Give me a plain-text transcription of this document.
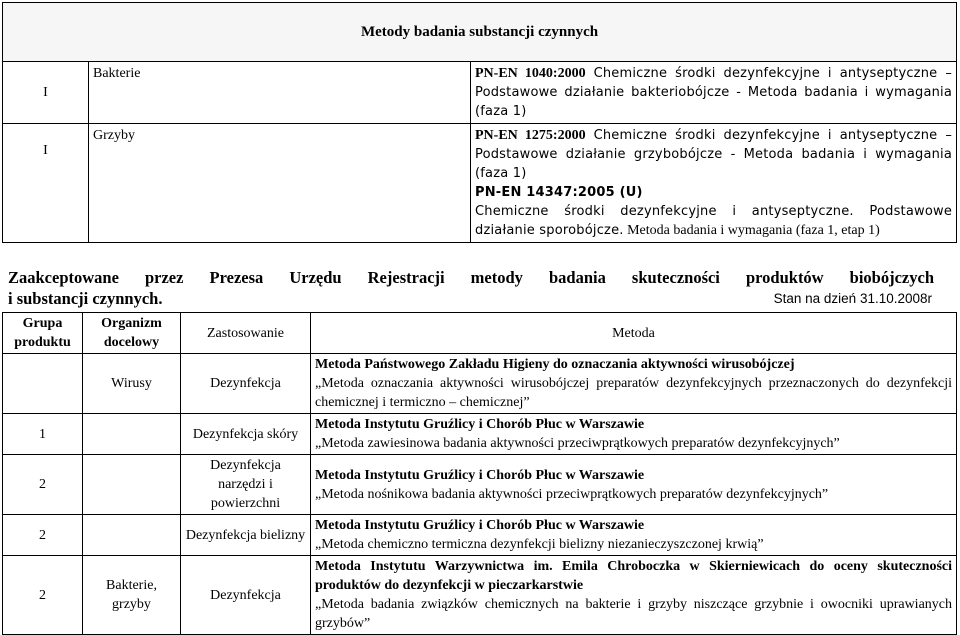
Metody badania substancji czynnych		
I	Bakterie	PN-EN 1040:2000 Chemiczne środki dezynfekcyjne i antyseptyczne – Podstawowe działanie bakteriobójcze - Metoda badania i wymagania (faza 1)
I	Grzyby	PN-EN 1275:2000 Chemiczne środki dezynfekcyjne i antyseptyczne – Podstawowe działanie grzybobójcze - Metoda badania i wymagania (faza 1)
PN-EN 14347:2005 (U)
Chemiczne środki dezynfekcyjne i antyseptyczne. Podstawowe działanie sporobójcze. Metoda badania i wymagania (faza 1, etap 1)
Zaakceptowane przez Prezesa Urzędu Rejestracji metody badania skuteczności produktów biobójczych
i substancji czynnych.	Stan na dzień 31.10.2008r
Grupa produktu	Organizm docelowy	Zastosowanie	Metoda
	Wirusy	Dezynfekcja	Metoda Państwowego Zakładu Higieny do oznaczania aktywności wirusobójczej
„Metoda oznaczania aktywności wirusobójczej preparatów dezynfekcyjnych przeznaczonych do dezynfekcji chemicznej i termiczno – chemicznej”

1		Dezynfekcja skóry	Metoda Instytutu Gruźlicy i Chorób Płuc w Warszawie
„Metoda zawiesinowa badania aktywności przeciwprątkowych preparatów dezynfekcyjnych”

2		Dezynfekcja narzędzi i powierzchni	Metoda Instytutu Gruźlicy i Chorób Płuc w Warszawie
„Metoda nośnikowa badania aktywności przeciwprątkowych preparatów dezynfekcyjnych”

2		Dezynfekcja bielizny	Metoda Instytutu Gruźlicy i Chorób Płuc w Warszawie
„Metoda chemiczno termiczna dezynfekcji bielizny niezanieczyszczonej krwią”

2	Bakterie, grzyby	Dezynfekcja	Metoda Instytutu Warzywnictwa im. Emila Chroboczka w Skierniewicach do oceny skuteczności produktów do dezynfekcji w pieczarkarstwie
„Metoda badania związków chemicznych na bakterie i grzyby niszczące grzybnie i owocniki uprawianych grzybów”
